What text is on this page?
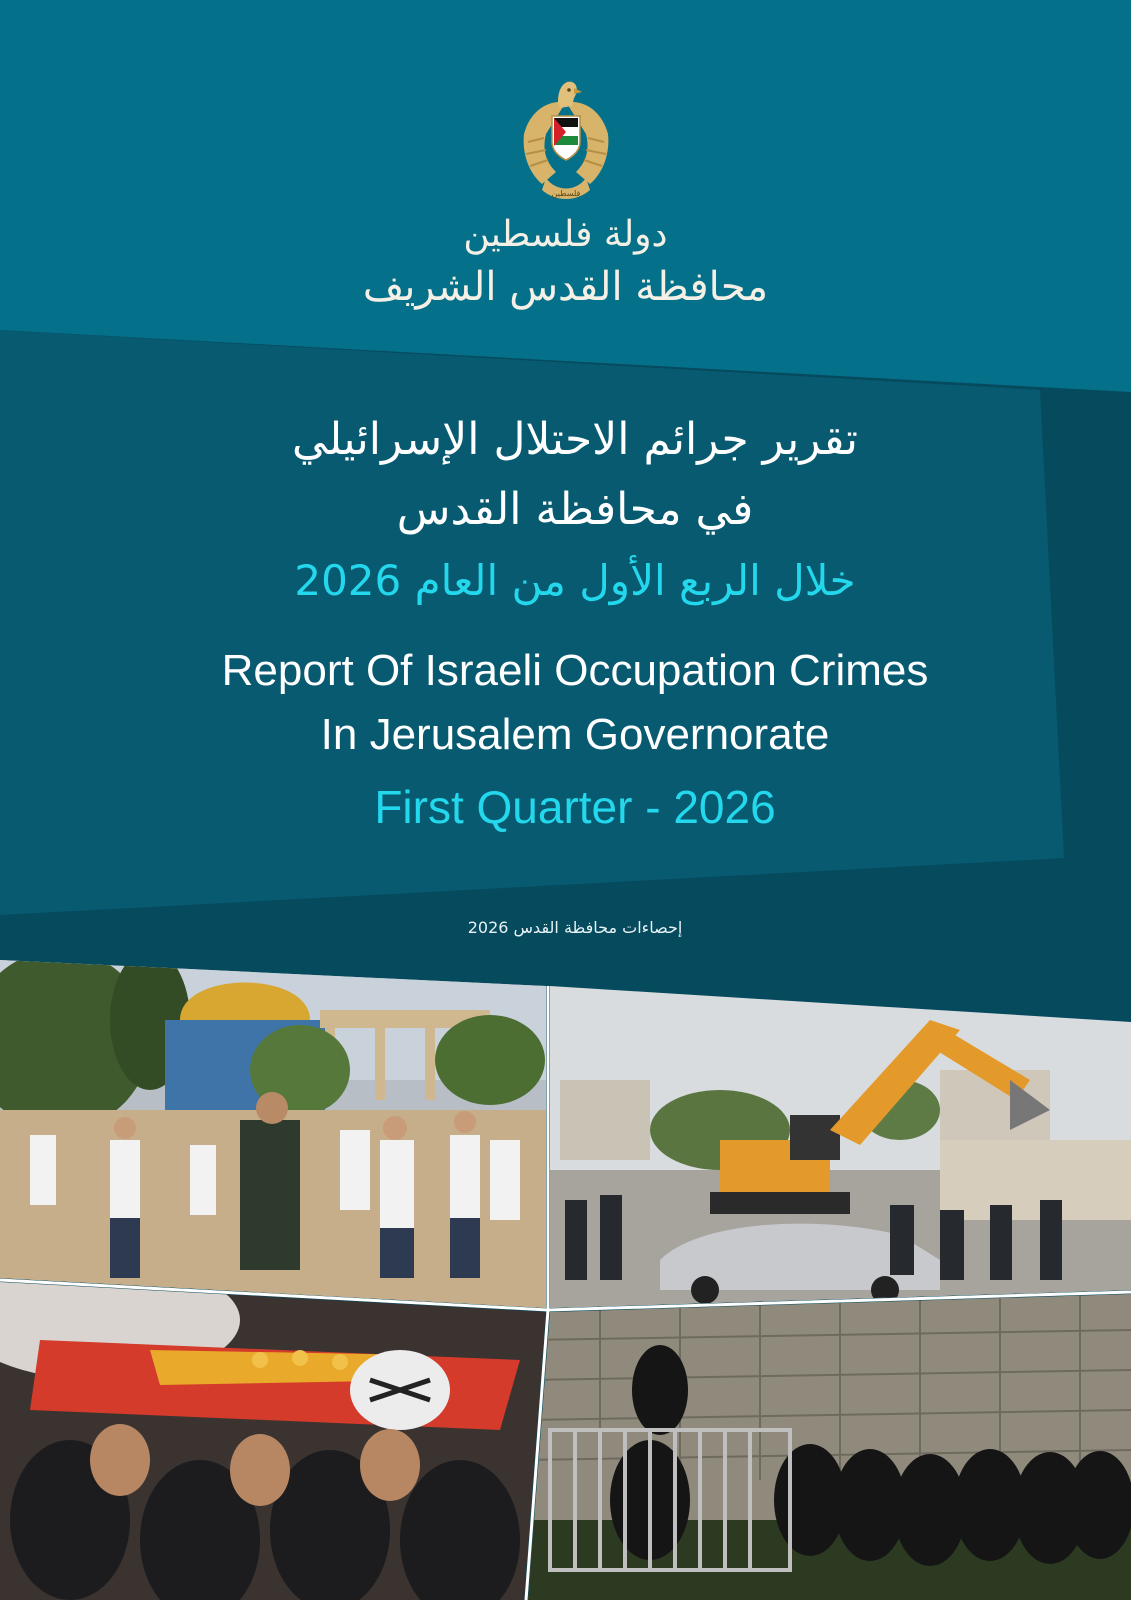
فلسطين
دولة فلسطين
محافظة القدس الشريف
تقرير جرائم الاحتلال الإسرائيلي
في محافظة القدس
خلال الربع الأول من العام 2026
Report Of Israeli Occupation Crimes
In Jerusalem Governorate
First Quarter - 2026
إحصاءات محافظة القدس 2026
